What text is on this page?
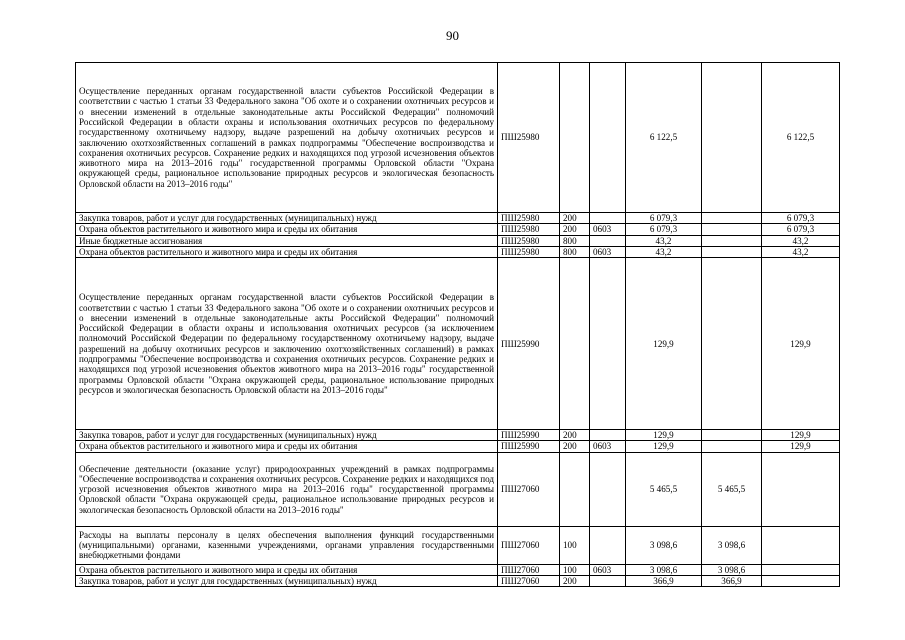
90
Осуществление переданных органам государственной власти субъектов Российской Федерации в соответствии с частью 1 статьи 33 Федерального закона "Об охоте и о сохранении охотничьих ресурсов и о внесении изменений в отдельные законодательные акты Российской Федерации" полномочий Российской Федерации в области охраны и использования охотничьих ресурсов по федеральному государственному охотничьему надзору, выдаче разрешений на добычу охотничьих ресурсов и заключению охотхозяйственных соглашений в рамках подпрограммы "Обеспечение воспроизводства и сохранения охотничьих ресурсов. Сохранение редких и находящихся под угрозой исчезновения объектов животного мира на 2013–2016 годы" государственной программы Орловской области "Охрана окружающей среды, рациональное использование природных ресурсов и экологическая безопасность Орловской области на 2013–2016 годы"	ПШ25980			6 122,5		6 122,5
Закупка товаров, работ и услуг для государственных (муниципальных) нужд	ПШ25980	200		6 079,3		6 079,3
Охрана объектов растительного и животного мира и среды их обитания	ПШ25980	200	0603	6 079,3		6 079,3
Иные бюджетные ассигнования	ПШ25980	800		43,2		43,2
Охрана объектов растительного и животного мира и среды их обитания	ПШ25980	800	0603	43,2		43,2
Осуществление переданных органам государственной власти субъектов Российской Федерации в соответствии с частью 1 статьи 33 Федерального закона "Об охоте и о сохранении охотничьих ресурсов и о внесении изменений в отдельные законодательные акты Российской Федерации" полномочий Российской Федерации в области охраны и использования охотничьих ресурсов (за исключением полномочий Российской Федерации по федеральному государственному охотничьему надзору, выдаче разрешений на добычу охотничьих ресурсов и заключению охотхозяйственных соглашений) в рамках подпрограммы "Обеспечение воспроизводства и сохранения охотничьих ресурсов. Сохранение редких и находящихся под угрозой исчезновения объектов животного мира на 2013–2016 годы" государственной программы Орловской области "Охрана окружающей среды, рациональное использование природных ресурсов и экологическая безопасность Орловской области на 2013–2016 годы"	ПШ25990			129,9		129,9
Закупка товаров, работ и услуг для государственных (муниципальных) нужд	ПШ25990	200		129,9		129,9
Охрана объектов растительного и животного мира и среды их обитания	ПШ25990	200	0603	129,9		129,9
Обеспечение деятельности (оказание услуг) природоохранных учреждений в рамках подпрограммы "Обеспечение воспроизводства и сохранения охотничьих ресурсов. Сохранение редких и находящихся под угрозой исчезновения объектов животного мира на 2013–2016 годы" государственной программы Орловской области "Охрана окружающей среды, рациональное использование природных ресурсов и экологическая безопасность Орловской области на 2013–2016 годы"	ПШ27060			5 465,5	5 465,5	
Расходы на выплаты персоналу в целях обеспечения выполнения функций государственными (муниципальными) органами, казенными учреждениями, органами управления государственными внебюджетными фондами	ПШ27060	100		3 098,6	3 098,6	
Охрана объектов растительного и животного мира и среды их обитания	ПШ27060	100	0603	3 098,6	3 098,6	
Закупка товаров, работ и услуг для государственных (муниципальных) нужд	ПШ27060	200		366,9	366,9	
